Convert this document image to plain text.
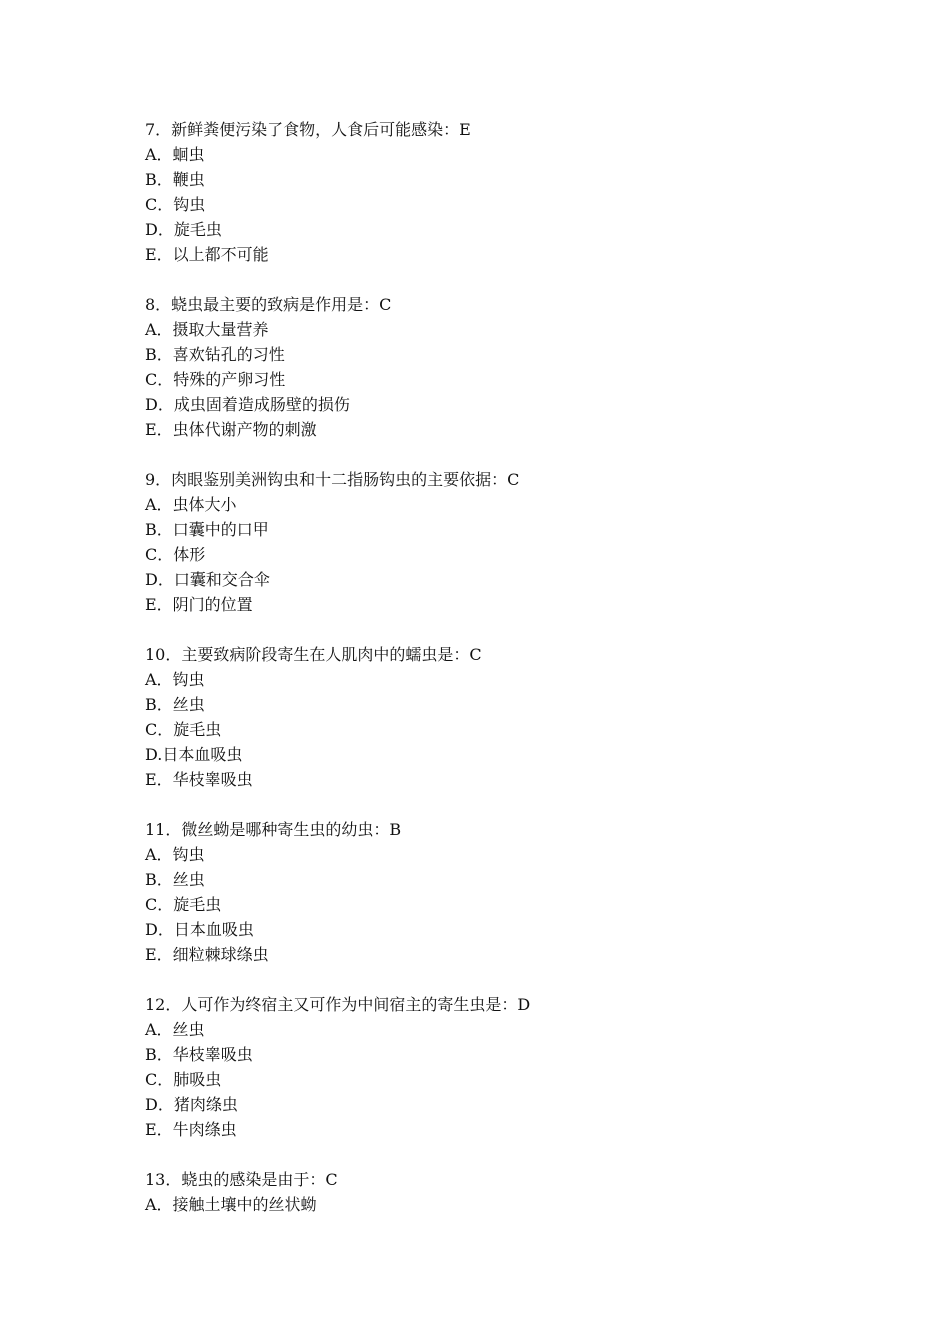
7．新鲜粪便污染了食物，人食后可能感染：E
A．蛔虫
B．鞭虫
C．钩虫
D．旋毛虫
E．以上都不可能
8．蛲虫最主要的致病是作用是：C
A．摄取大量营养
B．喜欢钻孔的习性
C．特殊的产卵习性
D．成虫固着造成肠壁的损伤
E．虫体代谢产物的刺激
9．肉眼鉴别美洲钩虫和十二指肠钩虫的主要依据：C
A．虫体大小
B．口囊中的口甲
C．体形
D．口囊和交合伞
E．阴门的位置
10．主要致病阶段寄生在人肌肉中的蠕虫是：C
A．钩虫
B．丝虫
C．旋毛虫
D.日本血吸虫
E．华枝睾吸虫
11．微丝蚴是哪种寄生虫的幼虫：B
A．钩虫
B．丝虫
C．旋毛虫
D．日本血吸虫
E．细粒棘球绦虫
12．人可作为终宿主又可作为中间宿主的寄生虫是：D
A．丝虫
B．华枝睾吸虫
C．肺吸虫
D．猪肉绦虫
E．牛肉绦虫
13．蛲虫的感染是由于：C
A．接触土壤中的丝状蚴
